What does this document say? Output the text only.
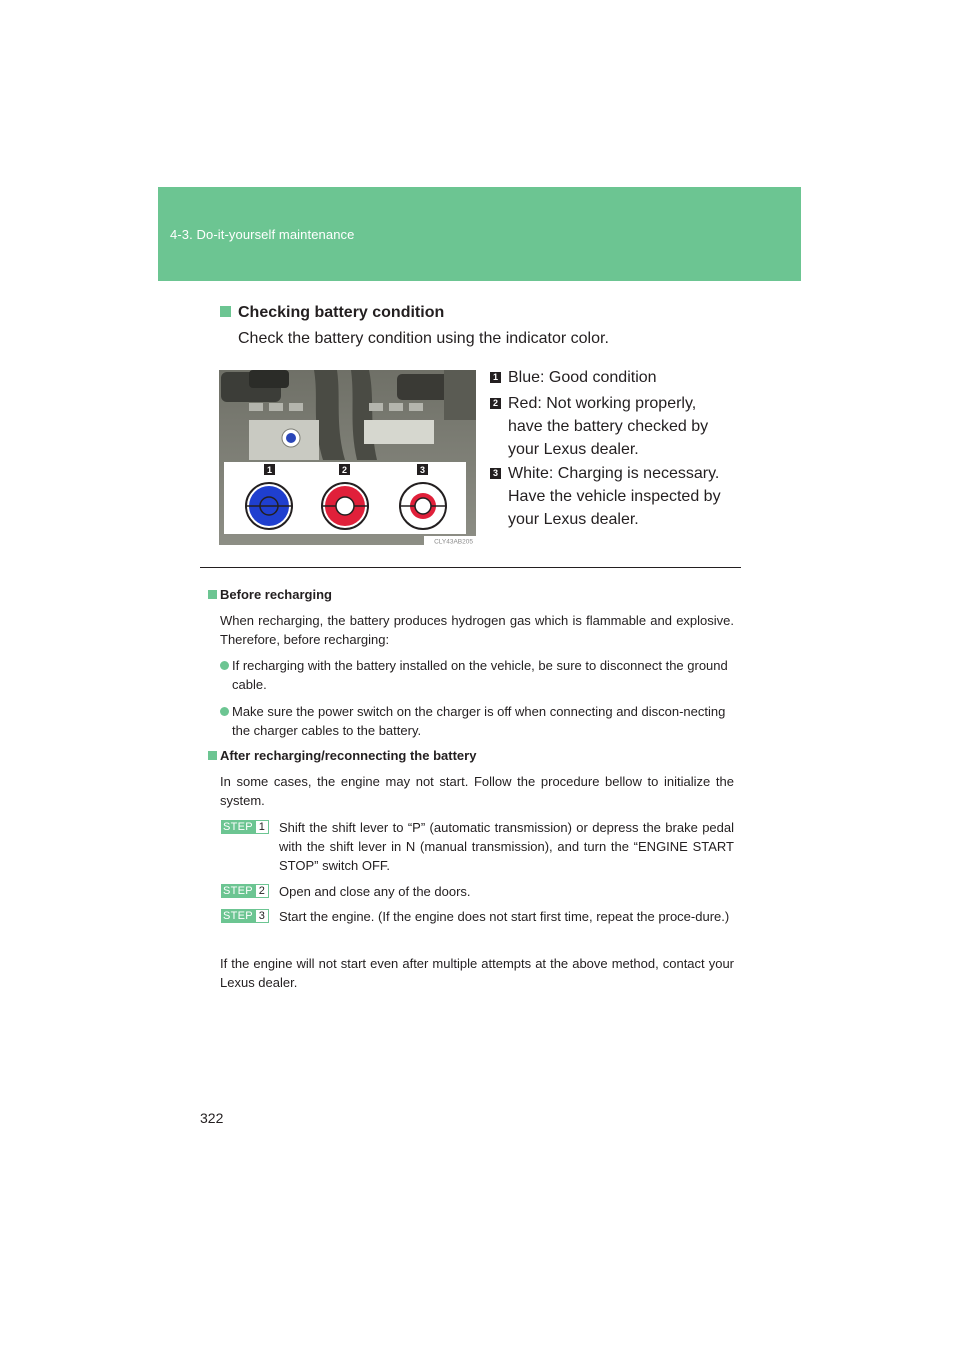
4-3. Do-it-yourself maintenance
Checking battery condition
Check the battery condition using the indicator color.
1	2	3
CLY43AB205
1 Blue: Good condition
2 Red: Not working properly,
have the battery checked by
your Lexus dealer.
3 White: Charging is necessary.
Have the vehicle inspected by
your Lexus dealer.
Before recharging
When recharging, the battery produces hydrogen gas which is flammable and explosive. Therefore, before recharging:
If recharging with the battery installed on the vehicle, be sure to disconnect the ground cable.
Make sure the power switch on the charger is off when connecting and discon-necting the charger cables to the battery.
After recharging/reconnecting the battery
In some cases, the engine may not start. Follow the procedure bellow to initialize the system.
STEP 1 Shift the shift lever to “P” (automatic transmission) or depress the brake pedal with the shift lever in N (manual transmission), and turn the “ENGINE START STOP” switch OFF.
STEP 2 Open and close any of the doors.
STEP 3 Start the engine. (If the engine does not start first time, repeat the proce-dure.)
If the engine will not start even after multiple attempts at the above method, contact your Lexus dealer.
322
